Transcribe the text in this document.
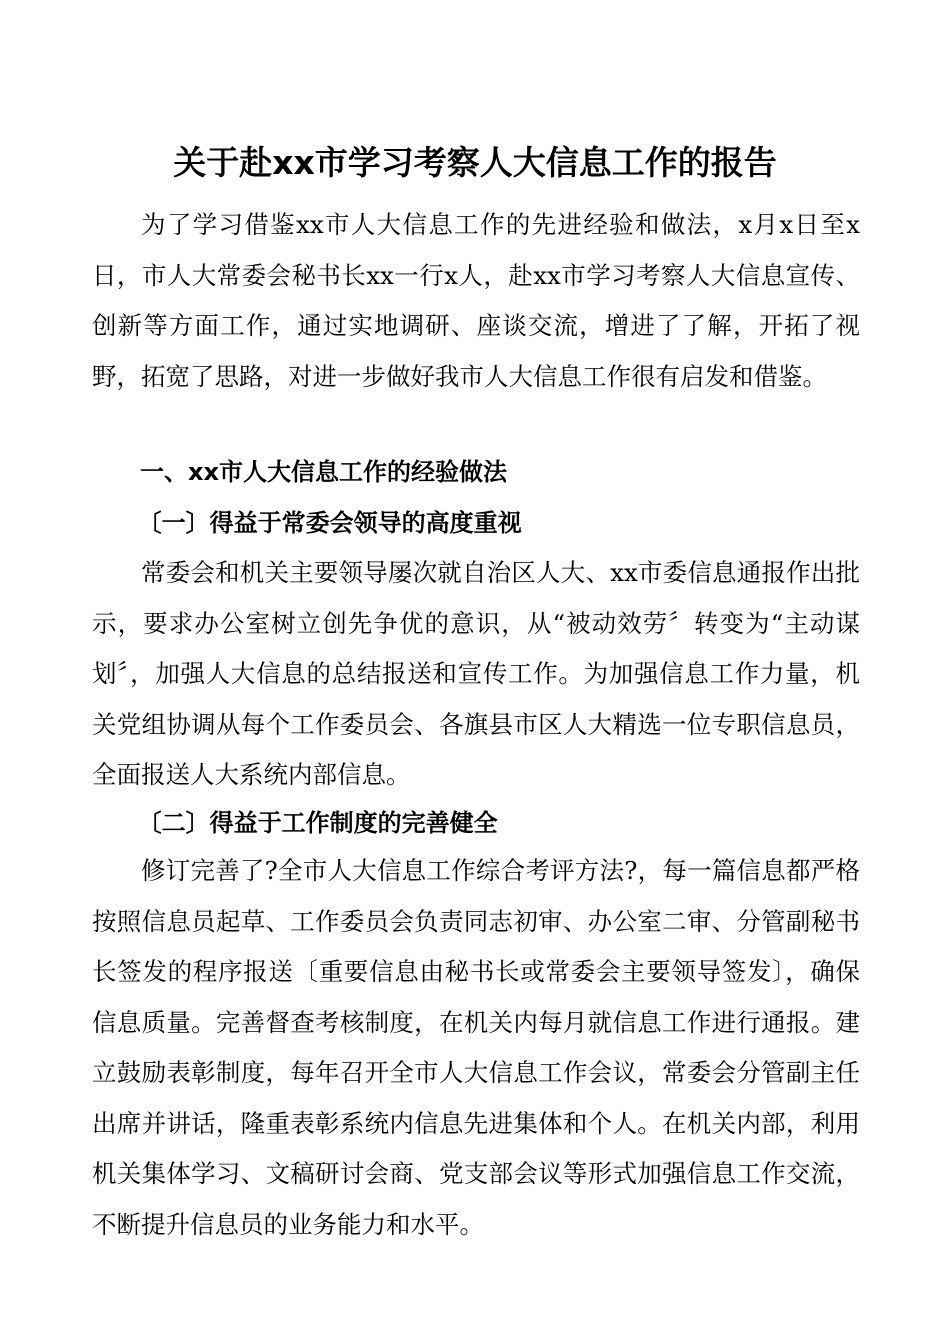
关于赴xx市学习考察人大信息工作的报告

为了学习借鉴xx市人大信息工作的先进经验和做法，x月x日至x日，市人大常委会秘书长xx一行x人，赴xx市学习考察人大信息宣传、创新等方面工作，通过实地调研、座谈交流，增进了了解，开拓了视野，拓宽了思路，对进一步做好我市人大信息工作很有启发和借鉴。

一、xx市人大信息工作的经验做法

〔一〕得益于常委会领导的高度重视

常委会和机关主要领导屡次就自治区人大、xx市委信息通报作出批示，要求办公室树立创先争优的意识，从“被动效劳〞转变为“主动谋划〞，加强人大信息的总结报送和宣传工作。为加强信息工作力量，机关党组协调从每个工作委员会、各旗县市区人大精选一位专职信息员，全面报送人大系统内部信息。

〔二〕得益于工作制度的完善健全

修订完善了?全市人大信息工作综合考评方法?，每一篇信息都严格按照信息员起草、工作委员会负责同志初审、办公室二审、分管副秘书长签发的程序报送〔重要信息由秘书长或常委会主要领导签发〕，确保信息质量。完善督查考核制度，在机关内每月就信息工作进行通报。建立鼓励表彰制度，每年召开全市人大信息工作会议，常委会分管副主任出席并讲话，隆重表彰系统内信息先进集体和个人。在机关内部，利用机关集体学习、文稿研讨会商、党支部会议等形式加强信息工作交流，不断提升信息员的业务能力和水平。
